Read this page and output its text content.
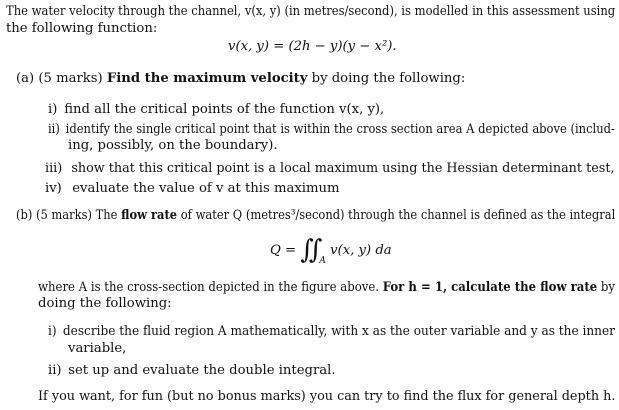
The water velocity through the channel, v(x, y) (in metres/second), is modelled in this assessment using
the following function:
v(x, y) = (2h − y)(y − x²).
(a) (5 marks) Find the maximum velocity by doing the following:
i) find all the critical points of the function v(x, y),
ii) identify the single critical point that is within the cross section area A depicted above (includ-
ing, possibly, on the boundary).
iii) show that this critical point is a local maximum using the Hessian determinant test,
iv) evaluate the value of v at this maximum
(b) (5 marks) The flow rate of water Q (metres³/second) through the channel is defined as the integral
Q = ∬ $_A$ v(x, y) da
where A is the cross-section depicted in the figure above. For h = 1, calculate the flow rate by
doing the following:
i) describe the fluid region A mathematically, with x as the outer variable and y as the inner
variable,
ii) set up and evaluate the double integral.
If you want, for fun (but no bonus marks) you can try to find the flux for general depth h.
